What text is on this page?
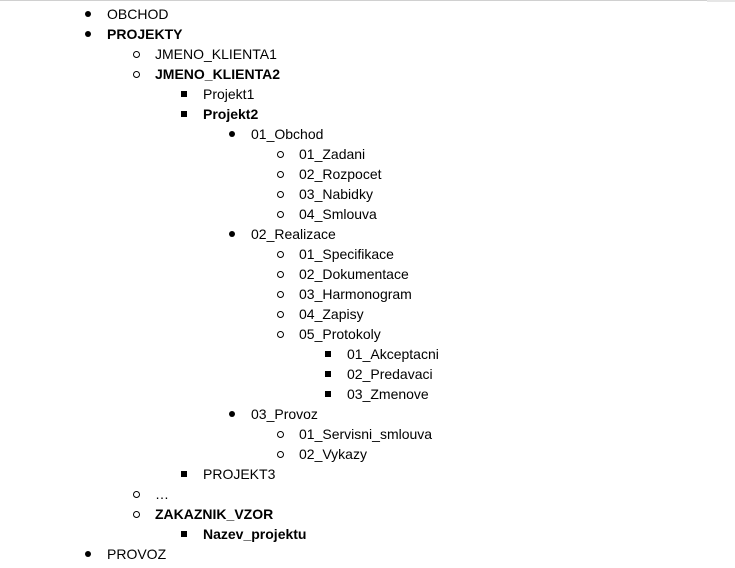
OBCHOD
PROJEKTY
JMENO_KLIENTA1
JMENO_KLIENTA2
Projekt1
Projekt2
01_Obchod
01_Zadani
02_Rozpocet
03_Nabidky
04_Smlouva
02_Realizace
01_Specifikace
02_Dokumentace
03_Harmonogram
04_Zapisy
05_Protokoly
01_Akceptacni
02_Predavaci
03_Zmenove
03_Provoz
01_Servisni_smlouva
02_Vykazy
PROJEKT3
…
ZAKAZNIK_VZOR
Nazev_projektu
PROVOZ
